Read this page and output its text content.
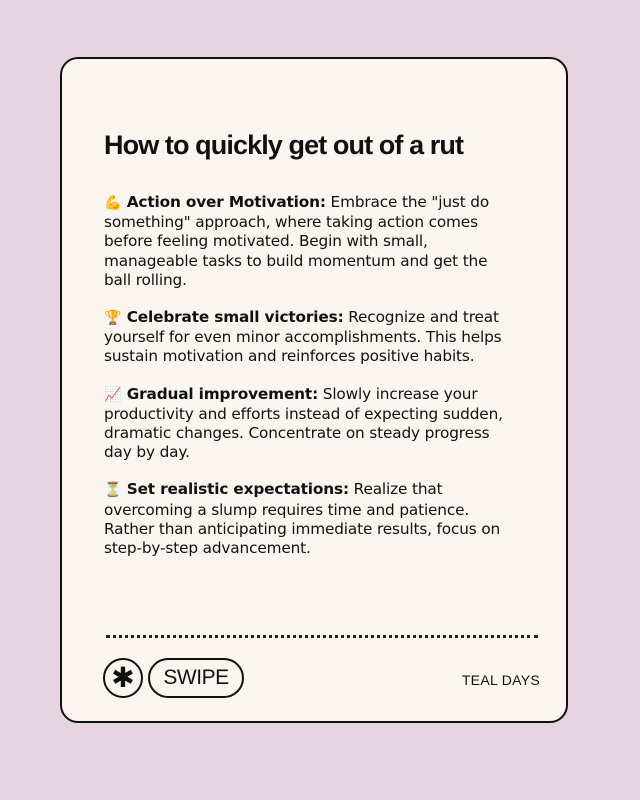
How to quickly get out of a rut

💪 Action over Motivation: Embrace the "just do something" approach, where taking action comes before feeling motivated. Begin with small, manageable tasks to build momentum and get the ball rolling.

🏆 Celebrate small victories: Recognize and treat yourself for even minor accomplishments. This helps sustain motivation and reinforces positive habits.

📈 Gradual improvement: Slowly increase your productivity and efforts instead of expecting sudden, dramatic changes. Concentrate on steady progress day by day.

⏳ Set realistic expectations: Realize that overcoming a slump requires time and patience. Rather than anticipating immediate results, focus on step-by-step advancement.

✱	SWIPE	TEAL DAYS
